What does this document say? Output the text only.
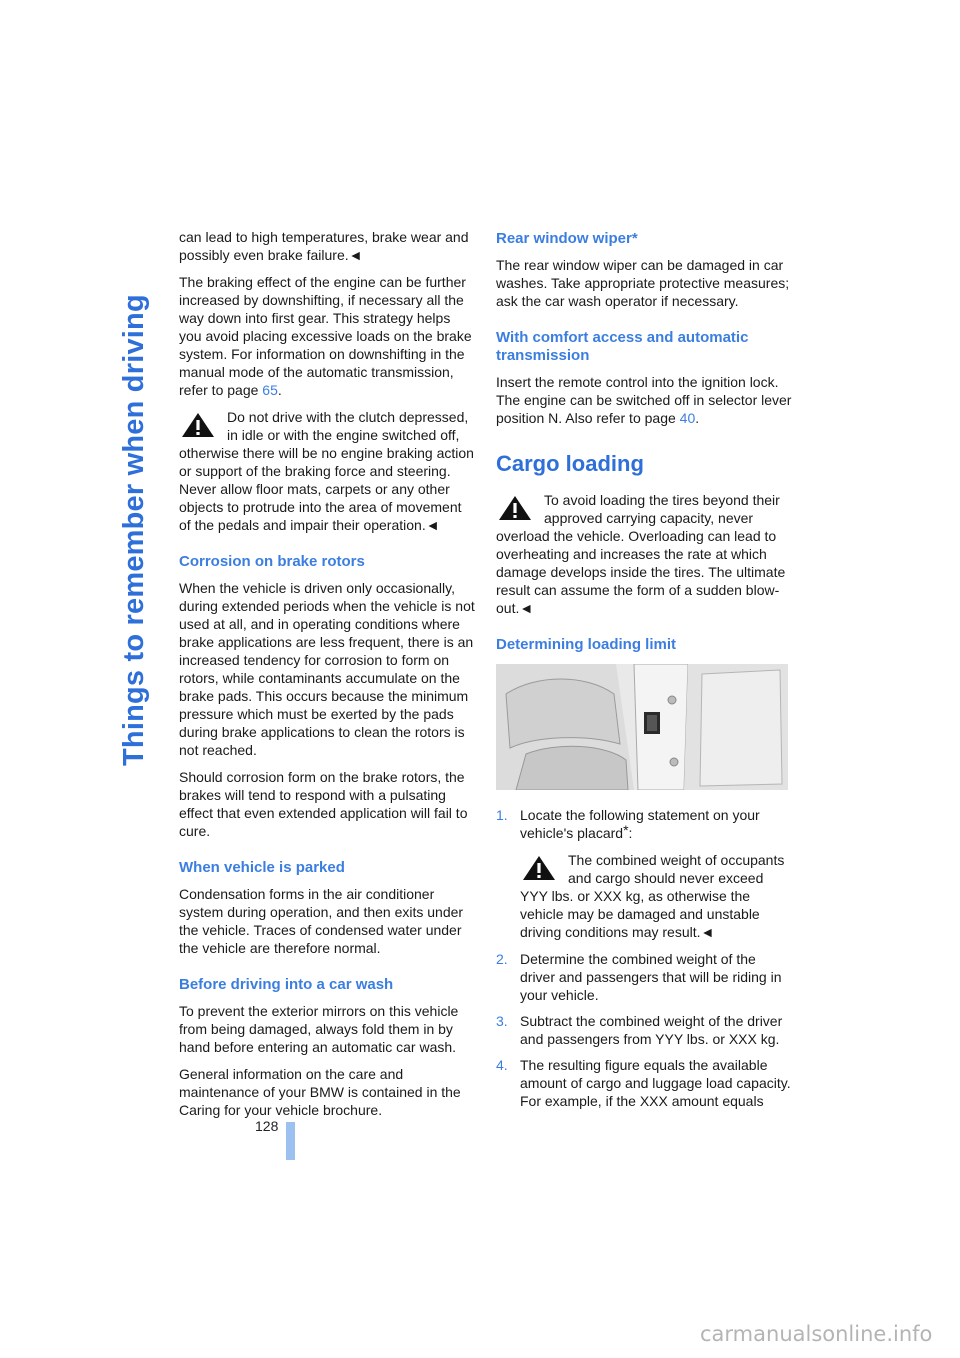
Things to remember when driving
128

can lead to high temperatures, brake wear and possibly even brake failure.◄

The braking effect of the engine can be further increased by downshifting, if necessary all the way down into first gear. This strategy helps you avoid placing excessive loads on the brake system. For information on downshifting in the manual mode of the automatic transmission, refer to page 65.

Do not drive with the clutch depressed, in idle or with the engine switched off, otherwise there will be no engine braking action or support of the braking force and steering. Never allow floor mats, carpets or any other objects to protrude into the area of movement of the pedals and impair their operation.◄
Corrosion on brake rotors

When the vehicle is driven only occasionally, during extended periods when the vehicle is not used at all, and in operating conditions where brake applications are less frequent, there is an increased tendency for corrosion to form on rotors, while contaminants accumulate on the brake pads. This occurs because the minimum pressure which must be exerted by the pads during brake applications to clean the rotors is not reached.

Should corrosion form on the brake rotors, the brakes will tend to respond with a pulsating effect that even extended application will fail to cure.

When vehicle is parked

Condensation forms in the air conditioner system during operation, and then exits under the vehicle. Traces of condensed water under the vehicle are therefore normal.

Before driving into a car wash

To prevent the exterior mirrors on this vehicle from being damaged, always fold them in by hand before entering an automatic car wash.

General information on the care and maintenance of your BMW is contained in the Caring for your vehicle brochure.

Rear window wiper*

The rear window wiper can be damaged in car washes. Take appropriate protective measures; ask the car wash operator if necessary.

With comfort access and automatic transmission

Insert the remote control into the ignition lock. The engine can be switched off in selector lever position N. Also refer to page 40.

Cargo loading
To avoid loading the tires beyond their approved carrying capacity, never overload the vehicle. Overloading can lead to overheating and increases the rate at which damage develops inside the tires. The ultimate result can assume the form of a sudden blow-out.◄
Determining loading limit
1. Locate the following statement on your vehicle's placard*:
The combined weight of occupants and cargo should never exceed YYY lbs. or XXX kg, as otherwise the vehicle may be damaged and unstable driving conditions may result.◄
2. Determine the combined weight of the driver and passengers that will be riding in your vehicle.
3. Subtract the combined weight of the driver and passengers from YYY lbs. or XXX kg.
4. The resulting figure equals the available amount of cargo and luggage load capacity. For example, if the XXX amount equals
carmanualsonline.info
